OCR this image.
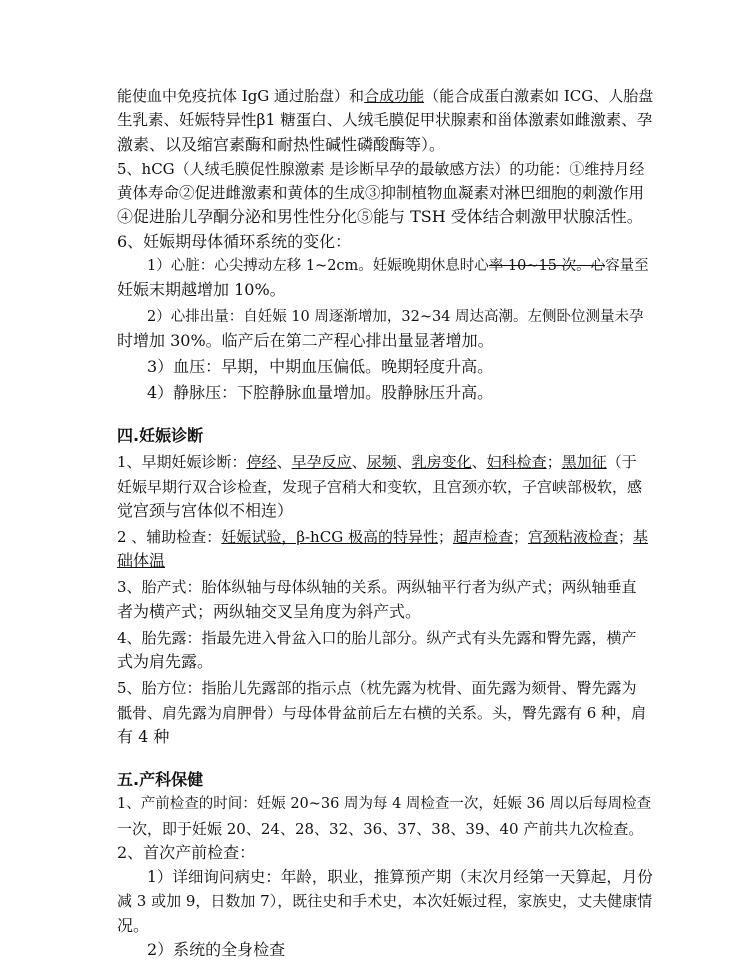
能使血中免疫抗体 IgG 通过胎盘）和合成功能（能合成蛋白激素如 ICG、人胎盘

生乳素、妊娠特异性β1 糖蛋白、人绒毛膜促甲状腺素和甾体激素如雌激素、孕

激素、以及缩宫素酶和耐热性碱性磷酸酶等）。

5、hCG（人绒毛膜促性腺激素 是诊断早孕的最敏感方法）的功能：①维持月经

黄体寿命②促进雌激素和黄体的生成③抑制植物血凝素对淋巴细胞的刺激作用

④促进胎儿孕酮分泌和男性性分化⑤能与 TSH 受体结合刺激甲状腺活性。

6、妊娠期母体循环系统的变化：

1）心脏：心尖搏动左移 1~2cm。妊娠晚期休息时心率 10~15 次。心容量至

妊娠末期越增加 10%。

2）心排出量：自妊娠 10 周逐渐增加，32~34 周达高潮。左侧卧位测量未孕

时增加 30%。临产后在第二产程心排出量显著增加。

3）血压：早期，中期血压偏低。晚期轻度升高。

4）静脉压：下腔静脉血量增加。股静脉压升高。

四.妊娠诊断

1、早期妊娠诊断：停经、早孕反应、尿频、乳房变化、妇科检查；黑加征（于

妊娠早期行双合诊检查，发现子宫稍大和变软，且宫颈亦软，子宫峡部极软，感

觉宫颈与宫体似不相连）

2 、辅助检查：妊娠试验，β-hCG 极高的特异性；超声检查；宫颈粘液检查；基

础体温

3、胎产式：胎体纵轴与母体纵轴的关系。两纵轴平行者为纵产式；两纵轴垂直

者为横产式；两纵轴交叉呈角度为斜产式。

4、胎先露：指最先进入骨盆入口的胎儿部分。纵产式有头先露和臀先露，横产

式为肩先露。

5、胎方位：指胎儿先露部的指示点（枕先露为枕骨、面先露为颏骨、臀先露为

骶骨、肩先露为肩胛骨）与母体骨盆前后左右横的关系。头，臀先露有 6 种，肩

有 4 种

五.产科保健

1、产前检查的时间：妊娠 20~36 周为每 4 周检查一次，妊娠 36 周以后每周检查

一次，即于妊娠 20、24、28、32、36、37、38、39、40 产前共九次检查。

2、首次产前检查：

1）详细询问病史：年龄，职业，推算预产期（末次月经第一天算起，月份

减 3 或加 9，日数加 7），既往史和手术史，本次妊娠过程，家族史，丈夫健康情

况。

2）系统的全身检查
